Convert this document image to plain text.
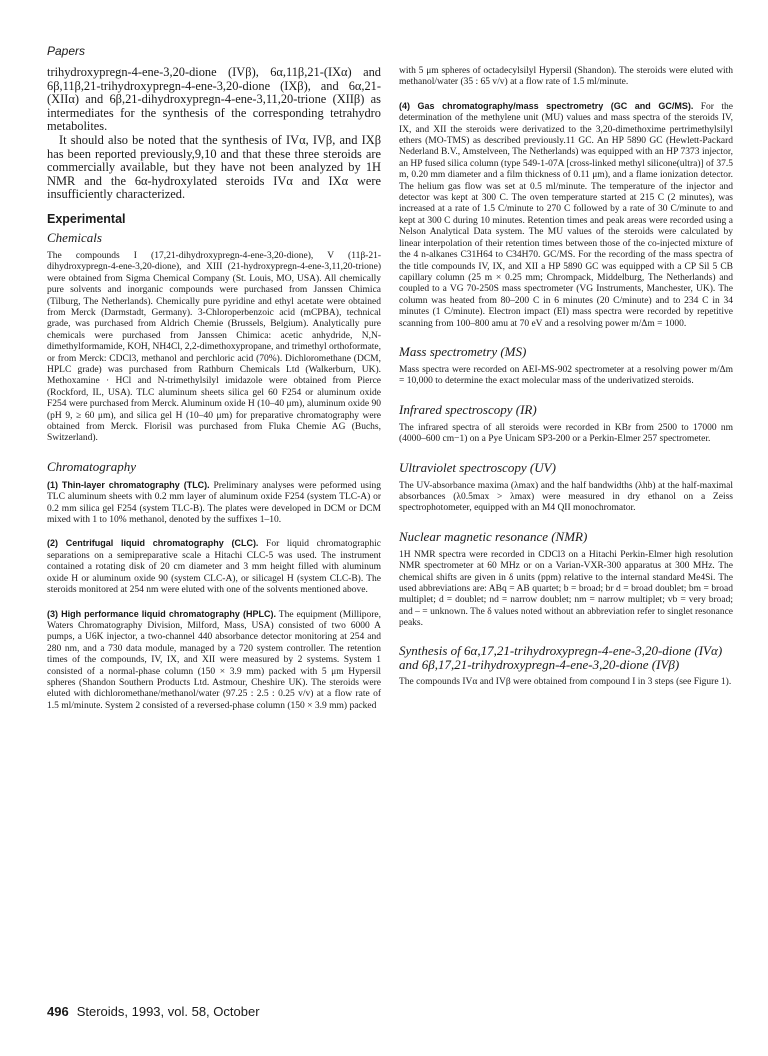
Papers

trihydroxypregn-4-ene-3,20-dione (IVβ), 6α,11β,21-(IXα) and 6β,11β,21-trihydroxypregn-4-ene-3,20-dione (IXβ), and 6α,21-(XIIα) and 6β,21-dihydroxypregn-4-ene-3,11,20-trione (XIIβ) as intermediates for the synthesis of the corresponding tetrahydro metabolites.

It should also be noted that the synthesis of IVα, IVβ, and IXβ has been reported previously,9,10 and that these three steroids are commercially available, but they have not been analyzed by 1H NMR and the 6α-hydroxylated steroids IVα and IXα were insufficiently characterized.

Experimental
Chemicals

The compounds I (17,21-dihydroxypregn-4-ene-3,20-dione), V (11β-21-dihydroxypregn-4-ene-3,20-dione), and XIII (21-hydroxypregn-4-ene-3,11,20-trione) were obtained from Sigma Chemical Company (St. Louis, MO, USA). All chemically pure solvents and inorganic compounds were purchased from Janssen Chimica (Tilburg, The Netherlands). Chemically pure pyridine and ethyl acetate were obtained from Merck (Darmstadt, Germany). 3-Chloroperbenzoic acid (mCPBA), technical grade, was purchased from Aldrich Chemie (Brussels, Belgium). Analytically pure chemicals were purchased from Janssen Chimica: acetic anhydride, N,N-dimethylformamide, KOH, NH4Cl, 2,2-dimethoxypropane, and trimethyl orthoformate, or from Merck: CDCl3, methanol and perchloric acid (70%). Dichloromethane (DCM, HPLC grade) was purchased from Rathburn Chemicals Ltd (Walkerburn, UK). Methoxamine · HCl and N-trimethylsilyl imidazole were obtained from Pierce (Rockford, IL, USA). TLC aluminum sheets silica gel 60 F254 or aluminum oxide F254 were purchased from Merck. Aluminum oxide H (10–40 μm), aluminum oxide 90 (pH 9, ≥ 60 μm), and silica gel H (10–40 μm) for preparative chromatography were obtained from Merck. Florisil was purchased from Fluka Chemie AG (Buchs, Switzerland).

Chromatography

(1) Thin-layer chromatography (TLC). Preliminary analyses were peformed using TLC aluminum sheets with 0.2 mm layer of aluminum oxide F254 (system TLC-A) or 0.2 mm silica gel F254 (system TLC-B). The plates were developed in DCM or DCM mixed with 1 to 10% methanol, denoted by the suffixes 1–10.

(2) Centrifugal liquid chromatography (CLC). For liquid chromatographic separations on a semipreparative scale a Hitachi CLC-5 was used. The instrument contained a rotating disk of 20 cm diameter and 3 mm height filled with aluminum oxide H or aluminum oxide 90 (system CLC-A), or silicagel H (system CLC-B). The steroids monitored at 254 nm were eluted with one of the solvents mentioned above.

(3) High performance liquid chromatography (HPLC). The equipment (Millipore, Waters Chromatography Division, Milford, Mass, USA) consisted of two 6000 A pumps, a U6K injector, a two-channel 440 absorbance detector monitoring at 254 and 280 nm, and a 730 data module, managed by a 720 system controller. The retention times of the compounds, IV, IX, and XII were measured by 2 systems. System 1 consisted of a normal-phase column (150 × 3.9 mm) packed with 5 μm Hypersil spheres (Shandon Southern Products Ltd. Astmour, Cheshire UK). The steroids were eluted with dichloromethane/methanol/water (97.25 : 2.5 : 0.25 v/v) at a flow rate of 1.5 ml/minute. System 2 consisted of a reversed-phase column (150 × 3.9 mm) packed

with 5 μm spheres of octadecylsilyl Hypersil (Shandon). The steroids were eluted with methanol/water (35 : 65 v/v) at a flow rate of 1.5 ml/minute.

(4) Gas chromatography/mass spectrometry (GC and GC/MS). For the determination of the methylene unit (MU) values and mass spectra of the steroids IV, IX, and XII the steroids were derivatized to the 3,20-dimethoxime pertrimethylsilyl ethers (MO-TMS) as described previously.11 GC. An HP 5890 GC (Hewlett-Packard Nederland B.V., Amstelveen, The Netherlands) was equipped with an HP 7373 injector, an HP fused silica column (type 549-1-07A [cross-linked methyl silicone(ultra)] of 37.5 m, 0.20 mm diameter and a film thickness of 0.11 μm), and a flame ionization detector. The helium gas flow was set at 0.5 ml/minute. The temperature of the injector and detector was kept at 300 C. The oven temperature started at 215 C (2 minutes), was increased at a rate of 1.5 C/minute to 270 C followed by a rate of 30 C/minute to and kept at 300 C during 10 minutes. Retention times and peak areas were recorded using a Nelson Analytical Data system. The MU values of the steroids were calculated by linear interpolation of their retention times between those of the co-injected mixture of the 4 n-alkanes C31H64 to C34H70. GC/MS. For the recording of the mass spectra of the title compounds IV, IX, and XII a HP 5890 GC was equipped with a CP Sil 5 CB capillary column (25 m × 0.25 mm; Chrompack, Middelburg, The Netherlands) and coupled to a VG 70-250S mass spectrometer (VG Instruments, Manchester, UK). The column was heated from 80–200 C in 6 minutes (20 C/minute) and to 234 C in 34 minutes (1 C/minute). Electron impact (EI) mass spectra were recorded by repetitive scanning from 100–800 amu at 70 eV and a resolving power m/Δm = 1000.

Mass spectrometry (MS)

Mass spectra were recorded on AEI-MS-902 spectrometer at a resolving power m/Δm = 10,000 to determine the exact molecular mass of the underivatized steroids.

Infrared spectroscopy (IR)

The infrared spectra of all steroids were recorded in KBr from 2500 to 17000 nm (4000–600 cm−1) on a Pye Unicam SP3-200 or a Perkin-Elmer 257 spectrometer.

Ultraviolet spectroscopy (UV)

The UV-absorbance maxima (λmax) and the half bandwidths (λhb) at the half-maximal absorbances (λ0.5max > λmax) were measured in dry ethanol on a Zeiss spectrophotometer, equipped with an M4 QII monochromator.

Nuclear magnetic resonance (NMR)

1H NMR spectra were recorded in CDCl3 on a Hitachi Perkin-Elmer high resolution NMR spectrometer at 60 MHz or on a Varian-VXR-300 apparatus at 300 MHz. The chemical shifts are given in δ units (ppm) relative to the internal standard Me4Si. The used abbreviations are: ABq = AB quartet; b = broad; br d = broad doublet; bm = broad multiplet; d = doublet; nd = narrow doublet; nm = narrow multiplet; vb = very broad; and – = unknown. The δ values noted without an abbreviation refer to singlet resonance peaks.

Synthesis of 6α,17,21-trihydroxypregn-4-ene-3,20-dione (IVα) and 6β,17,21-trihydroxypregn-4-ene-3,20-dione (IVβ)

The compounds IVα and IVβ were obtained from compound I in 3 steps (see Figure 1).

496 Steroids, 1993, vol. 58, October
